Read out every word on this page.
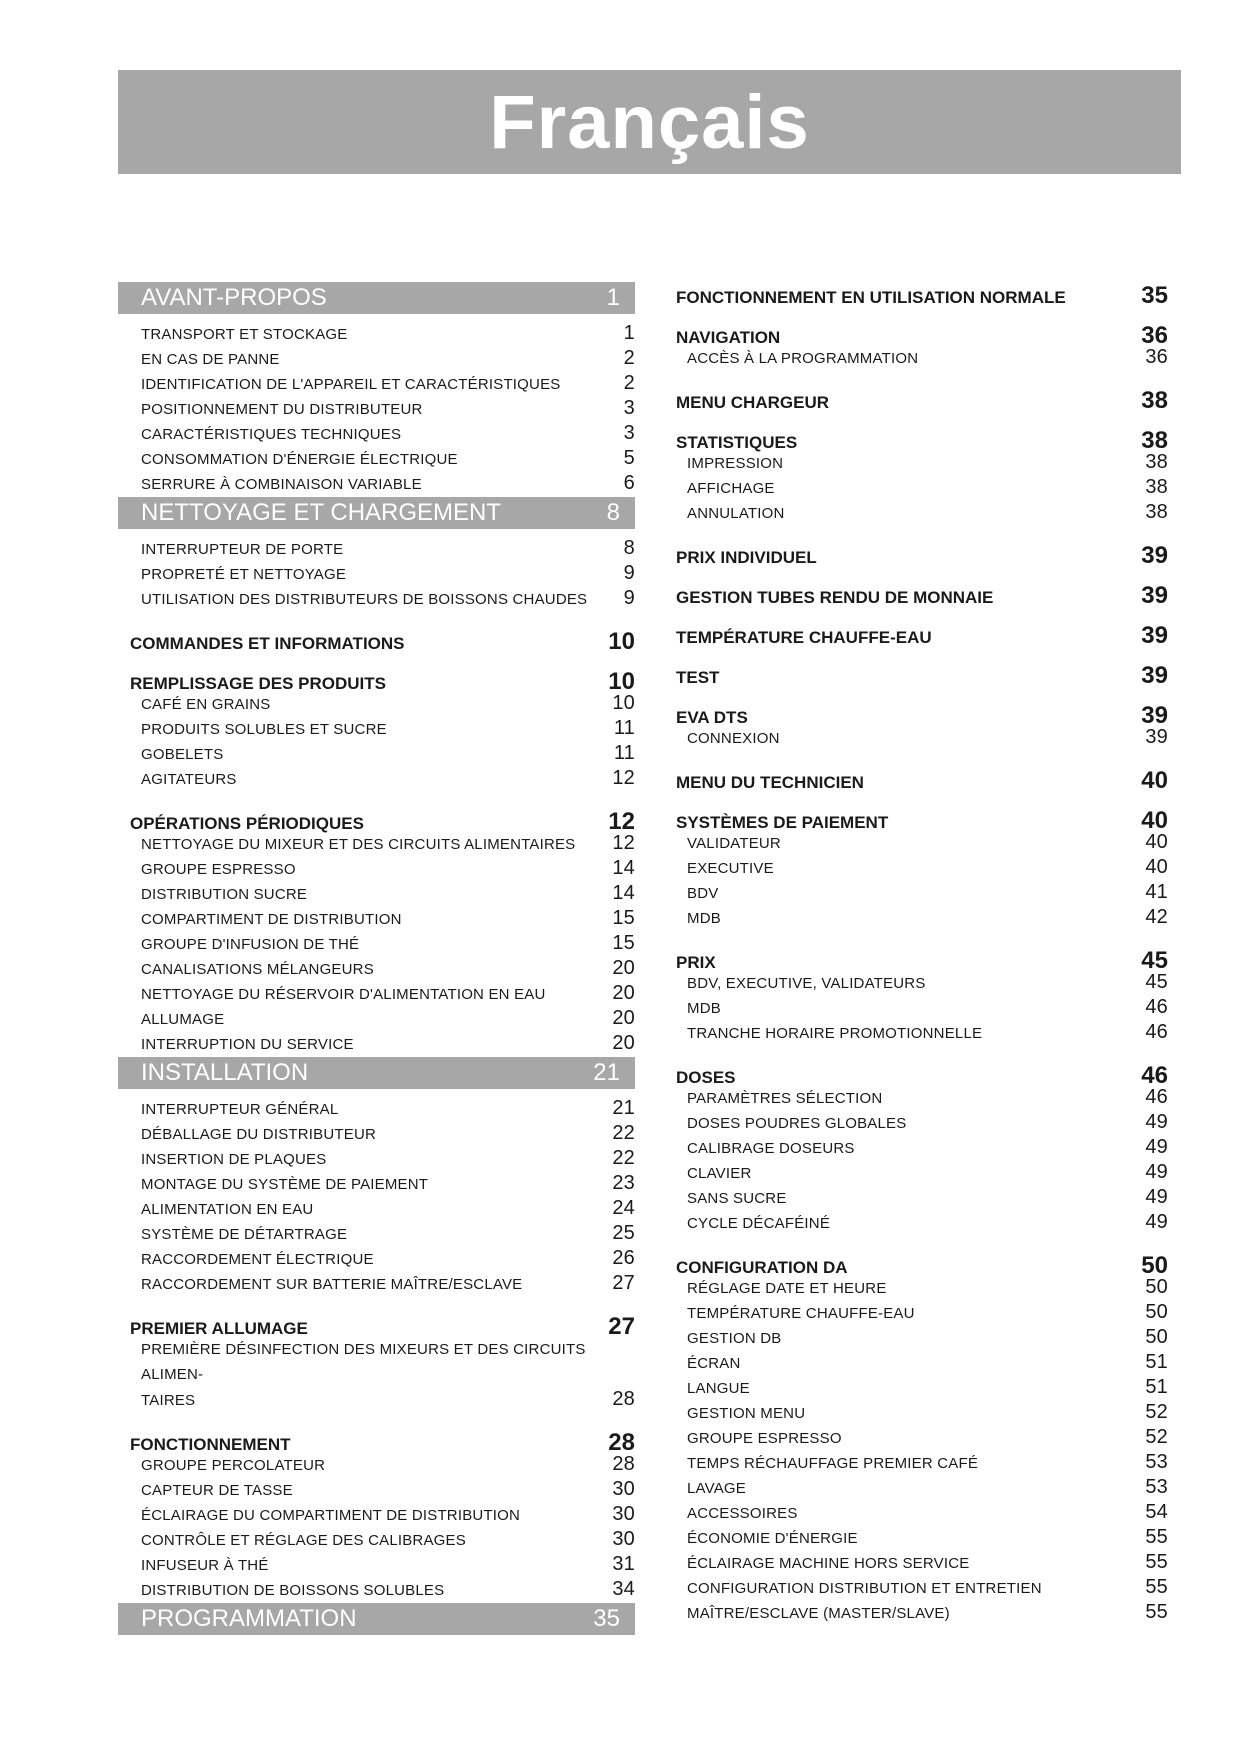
Français
AVANT-PROPOS	1
TRANSPORT ET STOCKAGE	1
EN CAS DE PANNE	2
IDENTIFICATION DE L'APPAREIL ET CARACTÉRISTIQUES	2
POSITIONNEMENT DU DISTRIBUTEUR	3
CARACTÉRISTIQUES TECHNIQUES	3
CONSOMMATION D'ÉNERGIE ÉLECTRIQUE	5
SERRURE À COMBINAISON VARIABLE	6
NETTOYAGE ET CHARGEMENT	8
INTERRUPTEUR DE PORTE	8
PROPRETÉ ET NETTOYAGE	9
UTILISATION DES DISTRIBUTEURS DE BOISSONS CHAUDES 9
COMMANDES ET INFORMATIONS	10
REMPLISSAGE DES PRODUITS	10
CAFÉ EN GRAINS	10
PRODUITS SOLUBLES ET SUCRE	11
GOBELETS	11
AGITATEURS	12
OPÉRATIONS PÉRIODIQUES	12
NETTOYAGE DU MIXEUR ET DES CIRCUITS ALIMENTAIRES 12
GROUPE ESPRESSO	14
DISTRIBUTION SUCRE	14
COMPARTIMENT DE DISTRIBUTION	15
GROUPE D'INFUSION DE THÉ	15
CANALISATIONS MÉLANGEURS	20
NETTOYAGE DU RÉSERVOIR D'ALIMENTATION EN EAU	20
ALLUMAGE	20
INTERRUPTION DU SERVICE	20
INSTALLATION	21
INTERRUPTEUR GÉNÉRAL	21
DÉBALLAGE DU DISTRIBUTEUR	22
INSERTION DE PLAQUES	22
MONTAGE DU SYSTÈME DE PAIEMENT	23
ALIMENTATION EN EAU	24
SYSTÈME DE DÉTARTRAGE	25
RACCORDEMENT ÉLECTRIQUE	26
RACCORDEMENT SUR BATTERIE MAÎTRE/ESCLAVE	27
PREMIER ALLUMAGE	27
PREMIÈRE DÉSINFECTION DES MIXEURS ET DES CIRCUITS ALIMEN-
TAIRES	28
FONCTIONNEMENT	28
GROUPE PERCOLATEUR	28
CAPTEUR DE TASSE	30
ÉCLAIRAGE DU COMPARTIMENT DE DISTRIBUTION	30
CONTRÔLE ET RÉGLAGE DES CALIBRAGES	30
INFUSEUR À THÉ	31
DISTRIBUTION DE BOISSONS SOLUBLES	34
PROGRAMMATION	35
FONCTIONNEMENT EN UTILISATION NORMALE	35
NAVIGATION	36
ACCÈS À LA PROGRAMMATION	36
MENU CHARGEUR	38
STATISTIQUES	38
IMPRESSION	38
AFFICHAGE	38
ANNULATION	38
PRIX INDIVIDUEL	39
GESTION TUBES RENDU DE MONNAIE	39
TEMPÉRATURE CHAUFFE-EAU	39
TEST	39
EVA DTS	39
CONNEXION	39
MENU DU TECHNICIEN	40
SYSTÈMES DE PAIEMENT	40
VALIDATEUR	40
EXECUTIVE	40
BDV	41
MDB	42
PRIX	45
BDV, EXECUTIVE, VALIDATEURS	45
MDB	46
TRANCHE HORAIRE PROMOTIONNELLE	46
DOSES	46
PARAMÈTRES SÉLECTION	46
DOSES POUDRES GLOBALES	49
CALIBRAGE DOSEURS	49
CLAVIER	49
SANS SUCRE	49
CYCLE DÉCAFÉINÉ	49
CONFIGURATION DA	50
RÉGLAGE DATE ET HEURE	50
TEMPÉRATURE CHAUFFE-EAU	50
GESTION DB	50
ÉCRAN	51
LANGUE	51
GESTION MENU	52
GROUPE ESPRESSO	52
TEMPS RÉCHAUFFAGE PREMIER CAFÉ	53
LAVAGE	53
ACCESSOIRES	54
ÉCONOMIE D'ÉNERGIE	55
ÉCLAIRAGE MACHINE HORS SERVICE	55
CONFIGURATION DISTRIBUTION ET ENTRETIEN	55
MAÎTRE/ESCLAVE (MASTER/SLAVE)	55
